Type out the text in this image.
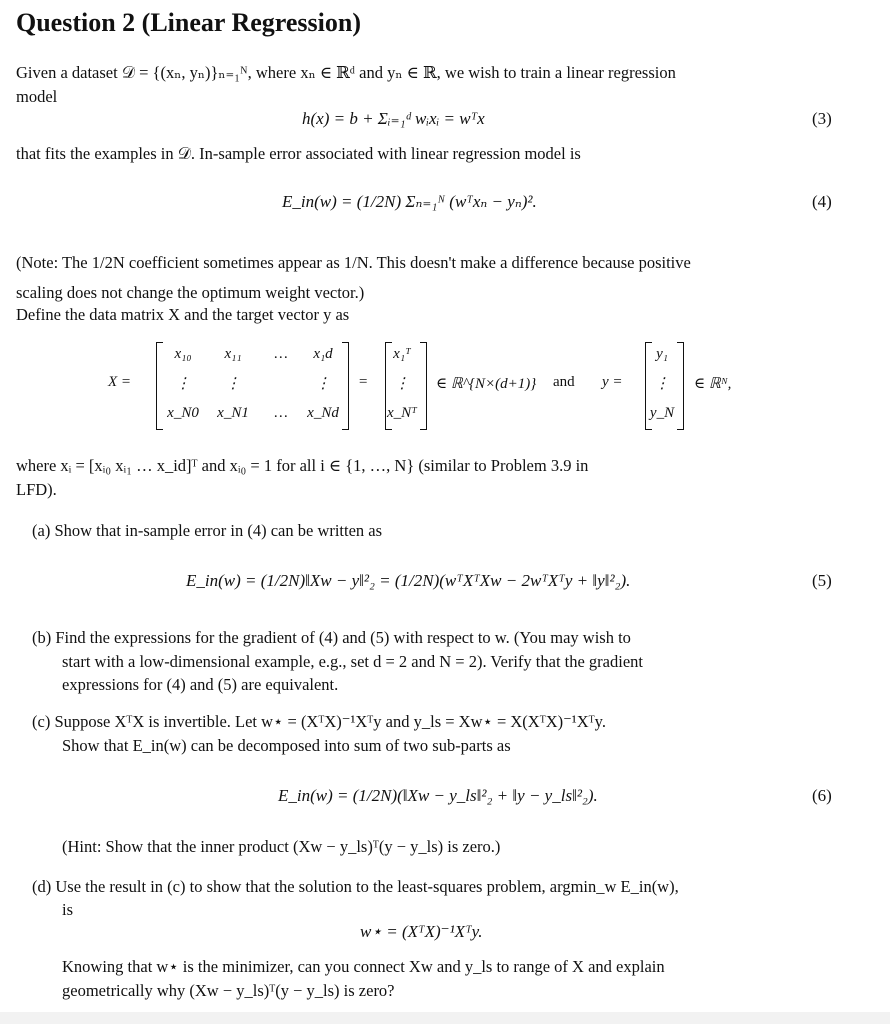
Question 2 (Linear Regression)
Given a dataset 𝒟 = {(xₙ, yₙ)}ₙ₌₁ᴺ, where xₙ ∈ ℝᵈ and yₙ ∈ ℝ, we wish to train a linear regression
model
h(x) = b + Σᵢ₌₁ᵈ wᵢxᵢ = wᵀx	(3)
that fits the examples in 𝒟. In-sample error associated with linear regression model is
E_in(w) = (1/2N) Σₙ₌₁ᴺ (wᵀxₙ − yₙ)².	(4)
(Note: The 1/2N coefficient sometimes appear as 1/N. This doesn't make a difference because positive
scaling does not change the optimum weight vector.)
Define the data matrix X and the target vector y as
X =
x₁₀	x₁₁	…	x₁d
⋮	⋮	⋮
x_N0	x_N1	…	x_Nd
=
x₁ᵀ
⋮
x_Nᵀ
∈ ℝ^{N×(d+1)} and y =
y₁
⋮
y_N
∈ ℝᴺ,
where xᵢ = [xᵢ₀ xᵢ₁ … x_id]ᵀ and xᵢ₀ = 1 for all i ∈ {1, …, N} (similar to Problem 3.9 in
LFD).
(a) Show that in-sample error in (4) can be written as
E_in(w) = (1/2N)‖Xw − y‖²₂ = (1/2N)(wᵀXᵀXw − 2wᵀXᵀy + ‖y‖²₂).	(5)
(b) Find the expressions for the gradient of (4) and (5) with respect to w. (You may wish to
start with a low-dimensional example, e.g., set d = 2 and N = 2). Verify that the gradient
expressions for (4) and (5) are equivalent.
(c) Suppose XᵀX is invertible. Let w⋆ = (XᵀX)⁻¹Xᵀy and y_ls = Xw⋆ = X(XᵀX)⁻¹Xᵀy.
Show that E_in(w) can be decomposed into sum of two sub-parts as
E_in(w) = (1/2N)(‖Xw − y_ls‖²₂ + ‖y − y_ls‖²₂).	(6)
(Hint: Show that the inner product (Xw − y_ls)ᵀ(y − y_ls) is zero.)
(d) Use the result in (c) to show that the solution to the least-squares problem, argmin_w E_in(w),
is
w⋆ = (XᵀX)⁻¹Xᵀy.
Knowing that w⋆ is the minimizer, can you connect Xw and y_ls to range of X and explain
geometrically why (Xw − y_ls)ᵀ(y − y_ls) is zero?
